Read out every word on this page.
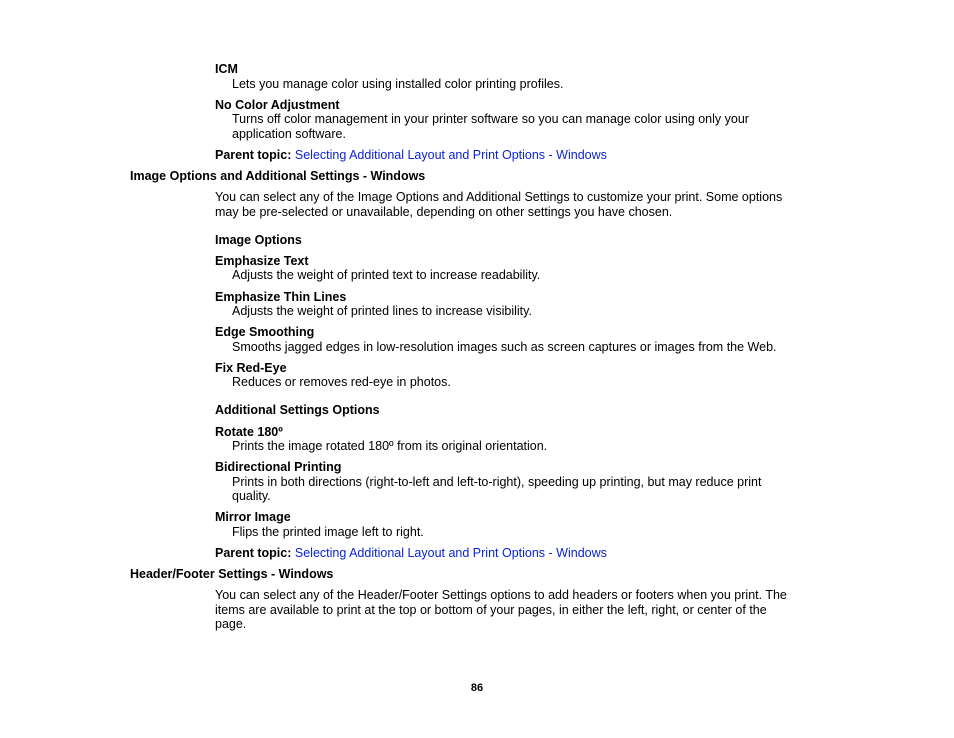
ICM
Lets you manage color using installed color printing profiles.
No Color Adjustment
Turns off color management in your printer software so you can manage color using only your
application software.
Parent topic: Selecting Additional Layout and Print Options - Windows
Image Options and Additional Settings - Windows
You can select any of the Image Options and Additional Settings to customize your print. Some options
may be pre-selected or unavailable, depending on other settings you have chosen.
Image Options
Emphasize Text
Adjusts the weight of printed text to increase readability.
Emphasize Thin Lines
Adjusts the weight of printed lines to increase visibility.
Edge Smoothing
Smooths jagged edges in low-resolution images such as screen captures or images from the Web.
Fix Red-Eye
Reduces or removes red-eye in photos.
Additional Settings Options
Rotate 180º
Prints the image rotated 180º from its original orientation.
Bidirectional Printing
Prints in both directions (right-to-left and left-to-right), speeding up printing, but may reduce print
quality.
Mirror Image
Flips the printed image left to right.
Parent topic: Selecting Additional Layout and Print Options - Windows
Header/Footer Settings - Windows
You can select any of the Header/Footer Settings options to add headers or footers when you print. The
items are available to print at the top or bottom of your pages, in either the left, right, or center of the
page.
86
